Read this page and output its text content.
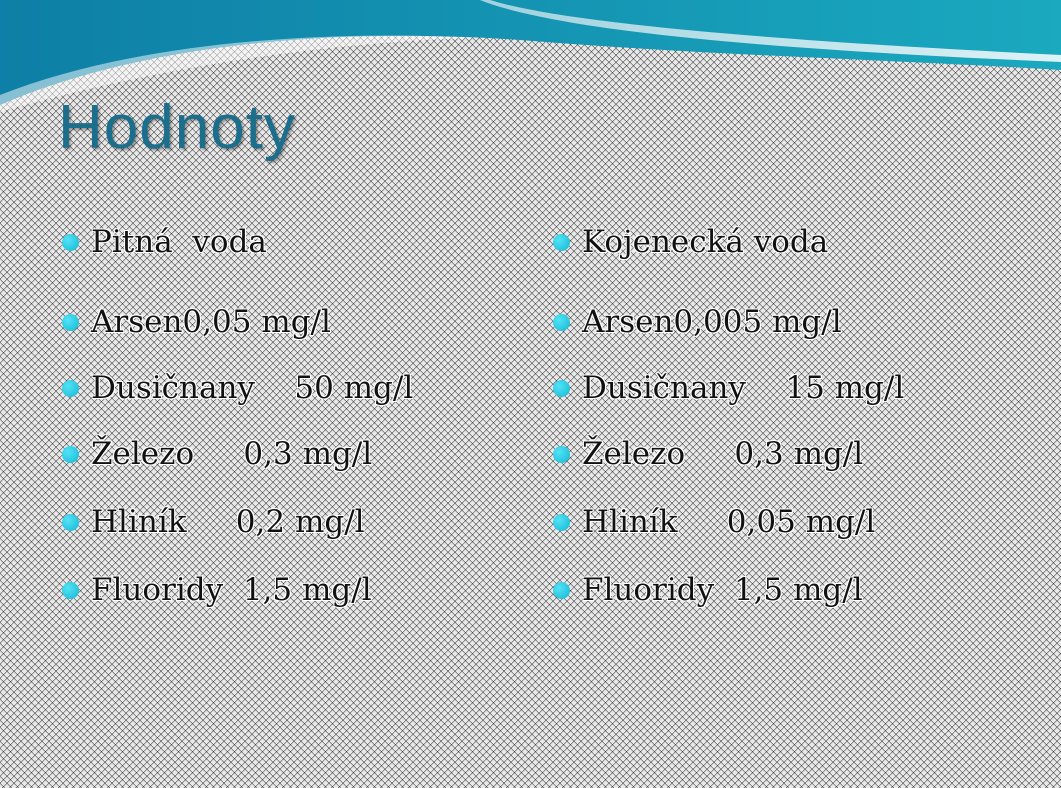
Hodnoty
Pitná  voda
Arsen0,05 mg/l
Dusičnany    50 mg/l
Železo     0,3 mg/l
Hliník     0,2 mg/l
Fluoridy  1,5 mg/l
Kojenecká voda
Arsen0,005 mg/l
Dusičnany    15 mg/l
Železo     0,3 mg/l
Hliník     0,05 mg/l
Fluoridy  1,5 mg/l
